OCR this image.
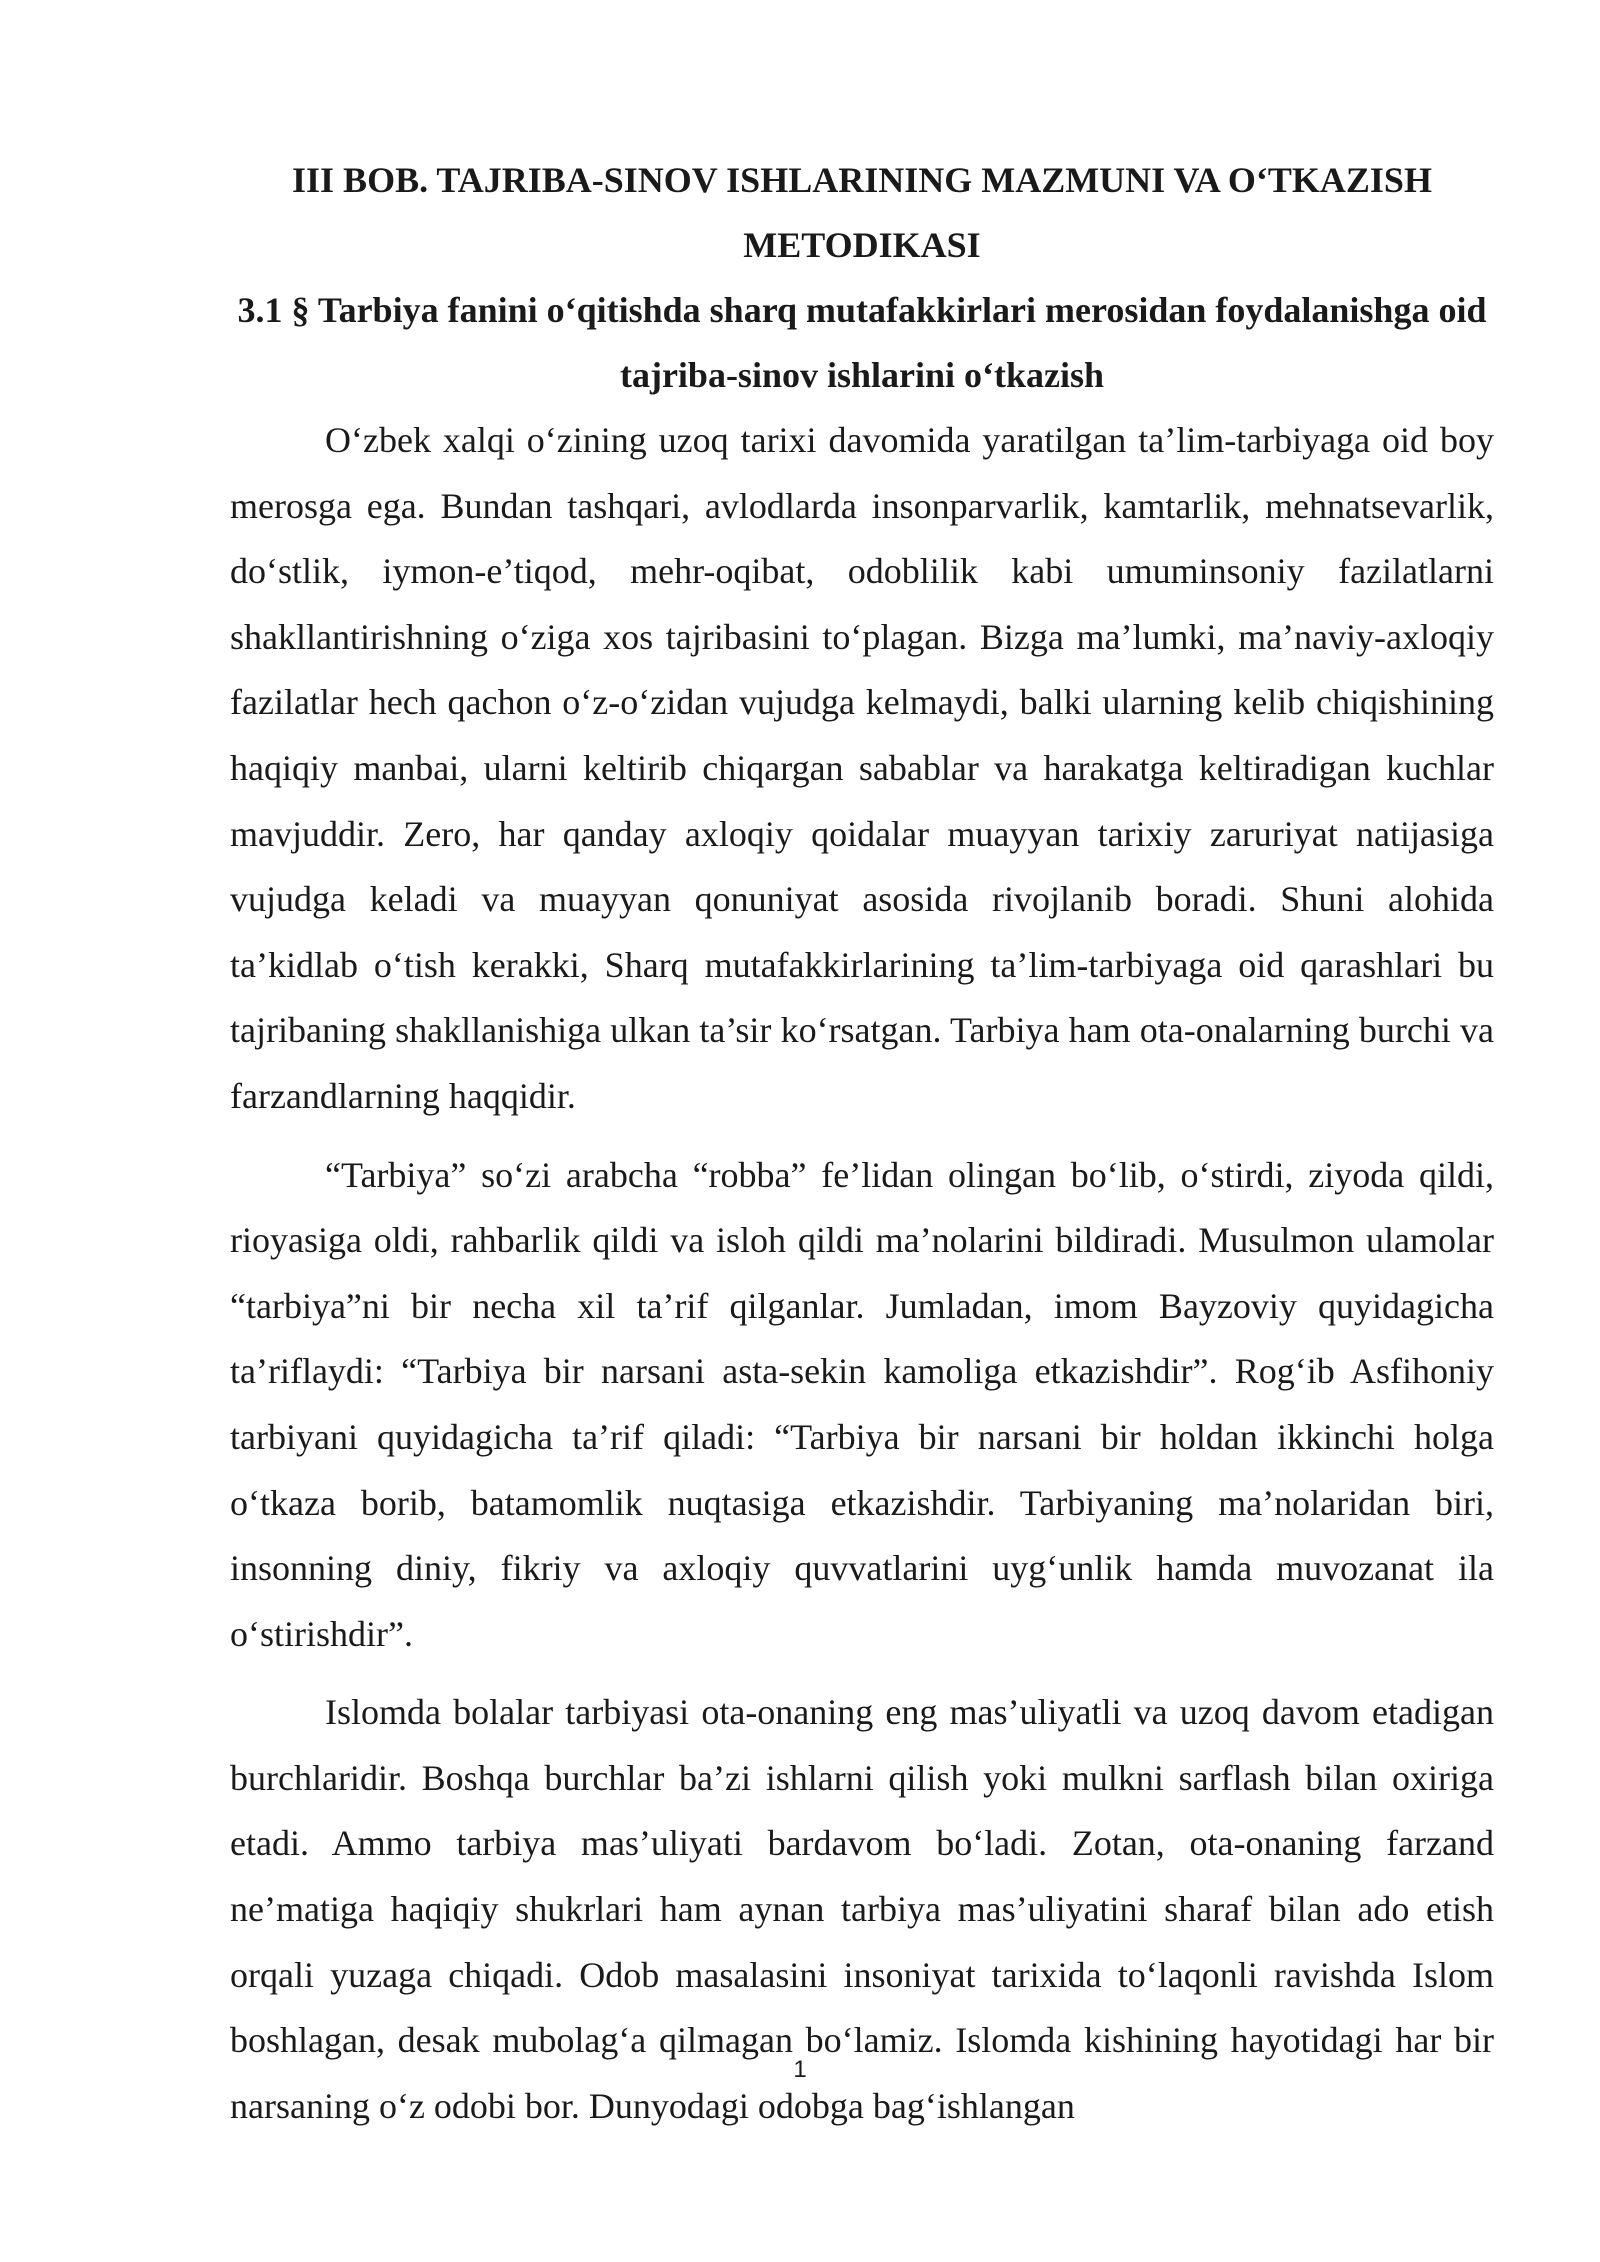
III BOB. TAJRIBA-SINOV ISHLARINING MAZMUNI VA O‘TKAZISH METODIKASI
3.1 § Tarbiya fanini o‘qitishda sharq mutafakkirlari merosidan foydalanishga oid tajriba-sinov ishlarini o‘tkazish

O‘zbek xalqi o‘zining uzoq tarixi davomida yaratilgan ta’lim-tarbiyaga oid boy merosga ega. Bundan tashqari, avlodlarda insonparvarlik, kamtarlik, mehnatsevarlik, do‘stlik, iymon-e’tiqod, mehr-oqibat, odoblilik kabi umuminsoniy fazilatlarni shakllantirishning o‘ziga xos tajribasini to‘plagan. Bizga ma’lumki, ma’naviy-axloqiy fazilatlar hech qachon o‘z-o‘zidan vujudga kelmaydi, balki ularning kelib chiqishining haqiqiy manbai, ularni keltirib chiqargan sabablar va harakatga keltiradigan kuchlar mavjuddir. Zero, har qanday axloqiy qoidalar muayyan tarixiy zaruriyat natijasiga vujudga keladi va muayyan qonuniyat asosida rivojlanib boradi. Shuni alohida ta’kidlab o‘tish kerakki, Sharq mutafakkirlarining ta’lim-tarbiyaga oid qarashlari bu tajribaning shakllanishiga ulkan ta’sir ko‘rsatgan. Tarbiya ham ota-onalarning burchi va farzandlarning haqqidir.

“Tarbiya” so‘zi arabcha “robba” fe’lidan olingan bo‘lib, o‘stirdi, ziyoda qildi, rioyasiga oldi, rahbarlik qildi va isloh qildi ma’nolarini bildiradi. Musulmon ulamolar “tarbiya”ni bir necha xil ta’rif qilganlar. Jumladan, imom Bayzoviy quyidagicha ta’riflaydi: “Tarbiya bir narsani asta-sekin kamoliga etkazishdir”. Rog‘ib Asfihoniy tarbiyani quyidagicha ta’rif qiladi: “Tarbiya bir narsani bir holdan ikkinchi holga o‘tkaza borib, batamomlik nuqtasiga etkazishdir. Tarbiyaning ma’nolaridan biri, insonning diniy, fikriy va axloqiy quvvatlarini uyg‘unlik hamda muvozanat ila o‘stirishdir”.

Islomda bolalar tarbiyasi ota-onaning eng mas’uliyatli va uzoq davom etadigan burchlaridir. Boshqa burchlar ba’zi ishlarni qilish yoki mulkni sarflash bilan oxiriga etadi. Ammo tarbiya mas’uliyati bardavom bo‘ladi. Zotan, ota-onaning farzand ne’matiga haqiqiy shukrlari ham aynan tarbiya mas’uliyatini sharaf bilan ado etish orqali yuzaga chiqadi. Odob masalasini insoniyat tarixida to‘laqonli ravishda Islom boshlagan, desak mubolag‘a qilmagan bo‘lamiz. Islomda kishining hayotidagi har bir narsaning o‘z odobi bor. Dunyodagi odobga bag‘ishlangan

1
